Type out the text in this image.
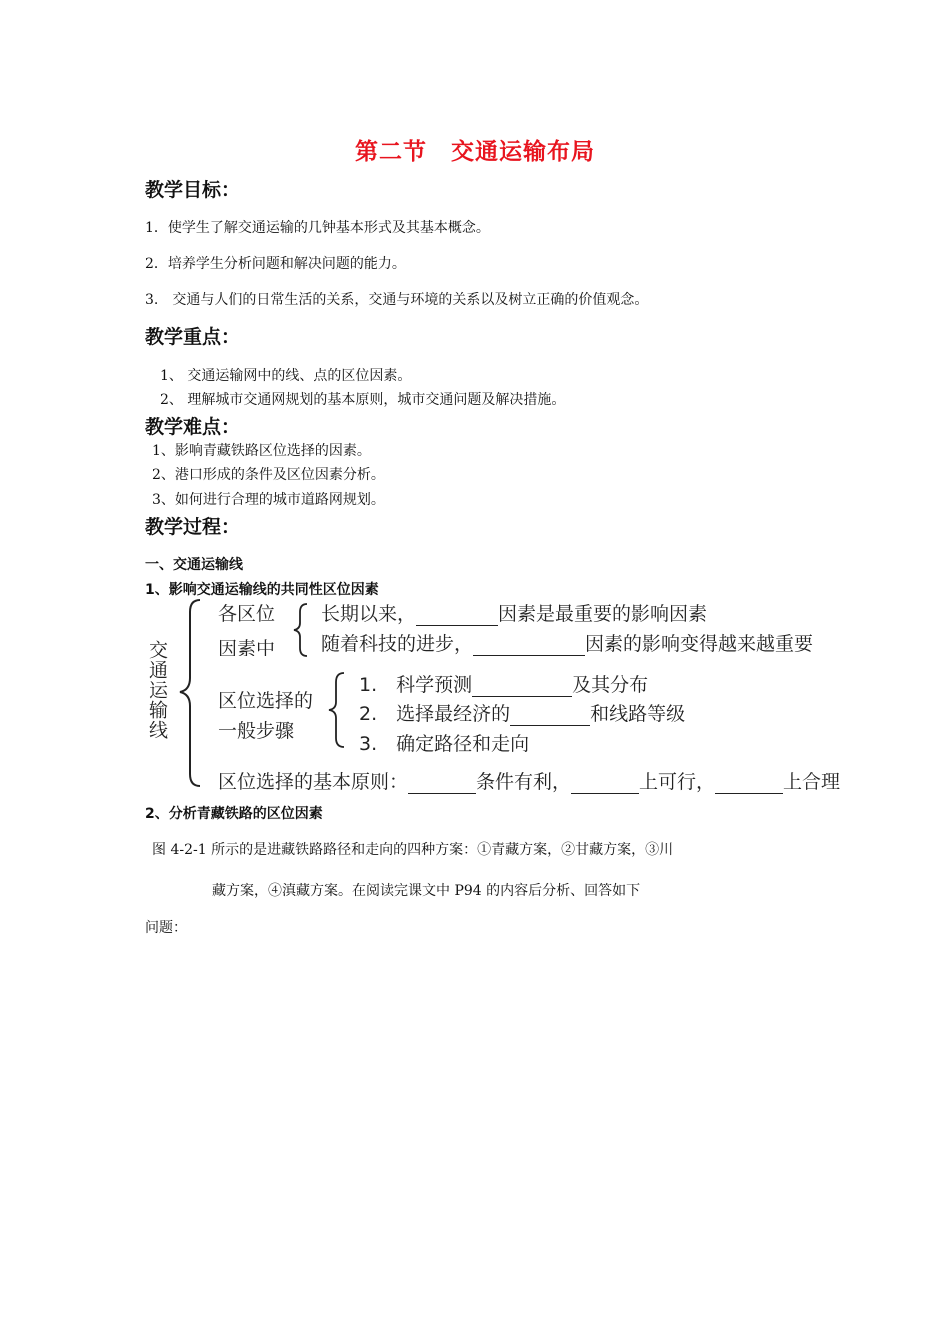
第二节　交通运输布局
教学目标：
1．使学生了解交通运输的几钟基本形式及其基本概念。
2．培养学生分析问题和解决问题的能力。
3.　交通与人们的日常生活的关系，交通与环境的关系以及树立正确的价值观念。
教学重点：
1、 交通运输网中的线、点的区位因素。
2、 理解城市交通网规划的基本原则，城市交通问题及解决措施。
教学难点：
1、影响青藏铁路区位选择的因素。
2、港口形成的条件及区位因素分析。
3、如何进行合理的城市道路网规划。
教学过程：
一、交通运输线
1、影响交通运输线的共同性区位因素
交通运输线
各区位
因素中
长期以来，	因素是最重要的影响因素
随着科技的进步，	因素的影响变得越来越重要
区位选择的
一般步骤
1.　科学预测	及其分布
2.　选择最经济的	和线路等级
3.　确定路径和走向
区位选择的基本原则：	条件有利，	上可行，	上合理
2、分析青藏铁路的区位因素
图 4-2-1 所示的是进藏铁路路径和走向的四种方案：①青藏方案，②甘藏方案，③川
藏方案，④滇藏方案。在阅读完课文中 P94 的内容后分析、回答如下
问题：
